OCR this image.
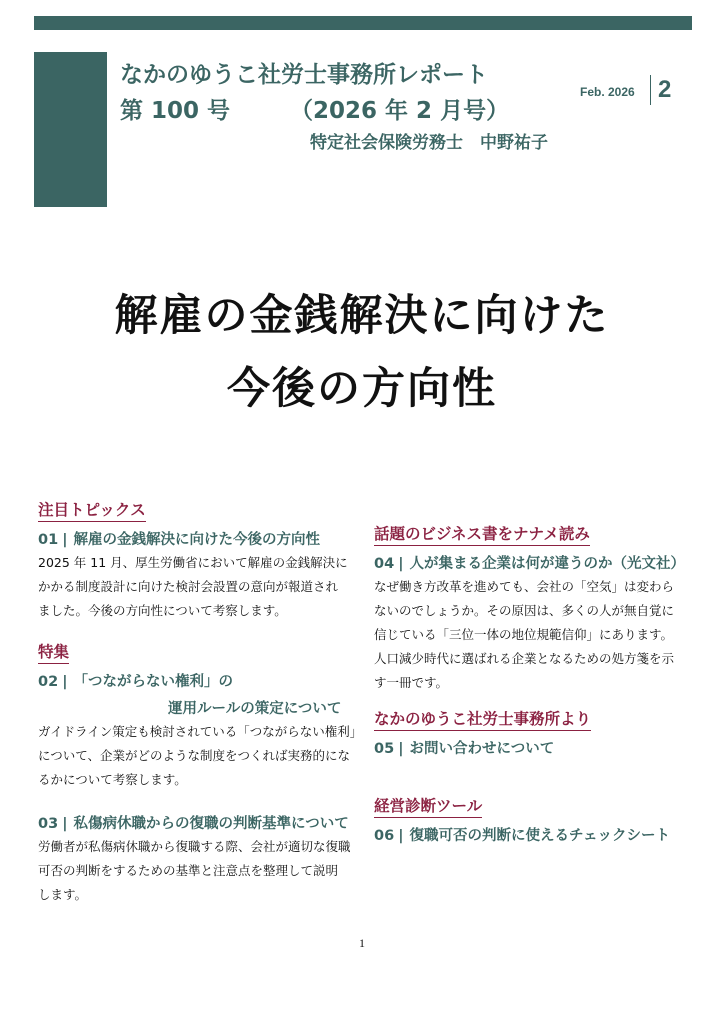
なかのゆうこ社労士事務所レポート
第 100 号	（2026 年 2 月号）
特定社会保険労務士　中野祐子
Feb. 2026 2
解雇の金銭解決に向けた
今後の方向性
注目トピックス
01 | 解雇の金銭解決に向けた今後の方向性
2025 年 11 月、厚生労働省において解雇の金銭解決に
かかる制度設計に向けた検討会設置の意向が報道され
ました。今後の方向性について考察します。
特集
02 | 「つながらない権利」の
運用ルールの策定について
ガイドライン策定も検討されている「つながらない権利」
について、企業がどのような制度をつくれば実務的にな
るかについて考察します。
03 | 私傷病休職からの復職の判断基準について
労働者が私傷病休職から復職する際、会社が適切な復職
可否の判断をするための基準と注意点を整理して説明
します。
話題のビジネス書をナナメ読み
04 | 人が集まる企業は何が違うのか（光文社）
なぜ働き方改革を進めても、会社の「空気」は変わら
ないのでしょうか。その原因は、多くの人が無自覚に
信じている「三位一体の地位規範信仰」にあります。
人口減少時代に選ばれる企業となるための処方箋を示
す一冊です。
なかのゆうこ社労士事務所より
05 | お問い合わせについて
経営診断ツール
06 | 復職可否の判断に使えるチェックシート
1
